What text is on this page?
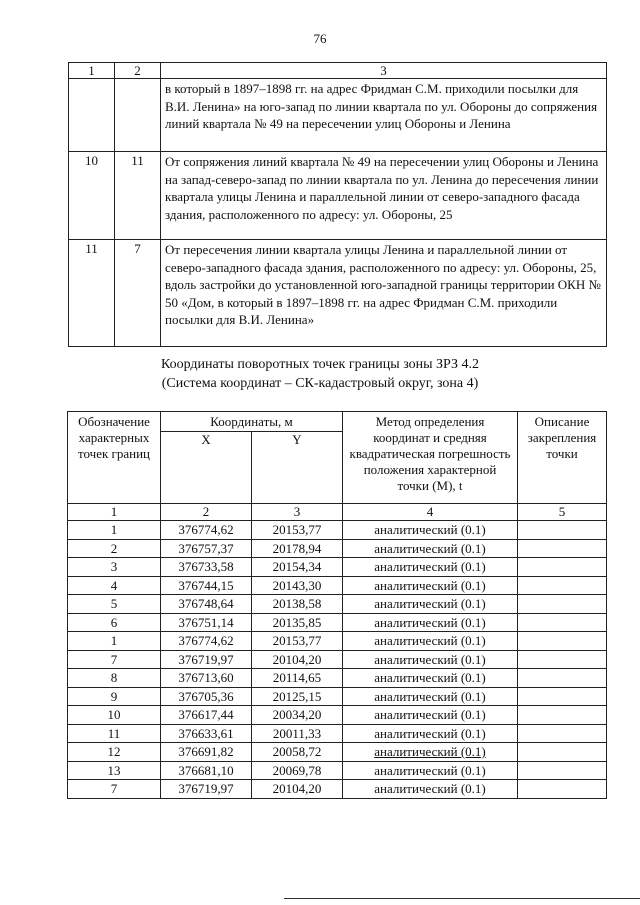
76
1	2	3
		в который в 1897–1898 гг. на адрес Фридман С.М. приходили посылки для В.И. Ленина» на юго-запад по линии квартала по ул. Обороны до сопряжения линий квартала № 49 на пересечении улиц Обороны и Ленина
10	11	От сопряжения линий квартала № 49 на пересечении улиц Обороны и Ленина на запад-северо-запад по линии квартала по ул. Ленина до пересечения линии квартала улицы Ленина и параллельной линии от северо-западного фасада здания, расположенного по адресу: ул. Обороны, 25
11	7	От пересечения линии квартала улицы Ленина и параллельной линии от северо-западного фасада здания, расположенного по адресу: ул. Обороны, 25, вдоль застройки до установленной юго-западной границы территории ОКН № 50 «Дом, в который в 1897–1898 гг. на адрес Фридман С.М. приходили посылки для В.И. Ленина»
Координаты поворотных точек границы зоны ЗРЗ 4.2
(Система координат – СК-кадастровый округ, зона 4)
Обозначение характерных точек границ	Координаты, м		Метод определения координат и средняя квадратическая погрешность положения характерной точки (М), t	Описание закрепления точки
	X	Y		
1	2	3	4	5
1	376774,62	20153,77	аналитический (0.1)	
2	376757,37	20178,94	аналитический (0.1)	
3	376733,58	20154,34	аналитический (0.1)	
4	376744,15	20143,30	аналитический (0.1)	
5	376748,64	20138,58	аналитический (0.1)	
6	376751,14	20135,85	аналитический (0.1)	
1	376774,62	20153,77	аналитический (0.1)	
7	376719,97	20104,20	аналитический (0.1)	
8	376713,60	20114,65	аналитический (0.1)	
9	376705,36	20125,15	аналитический (0.1)	
10	376617,44	20034,20	аналитический (0.1)	
11	376633,61	20011,33	аналитический (0.1)	
12	376691,82	20058,72	аналитический (0.1)	
13	376681,10	20069,78	аналитический (0.1)	
7	376719,97	20104,20	аналитический (0.1)	
